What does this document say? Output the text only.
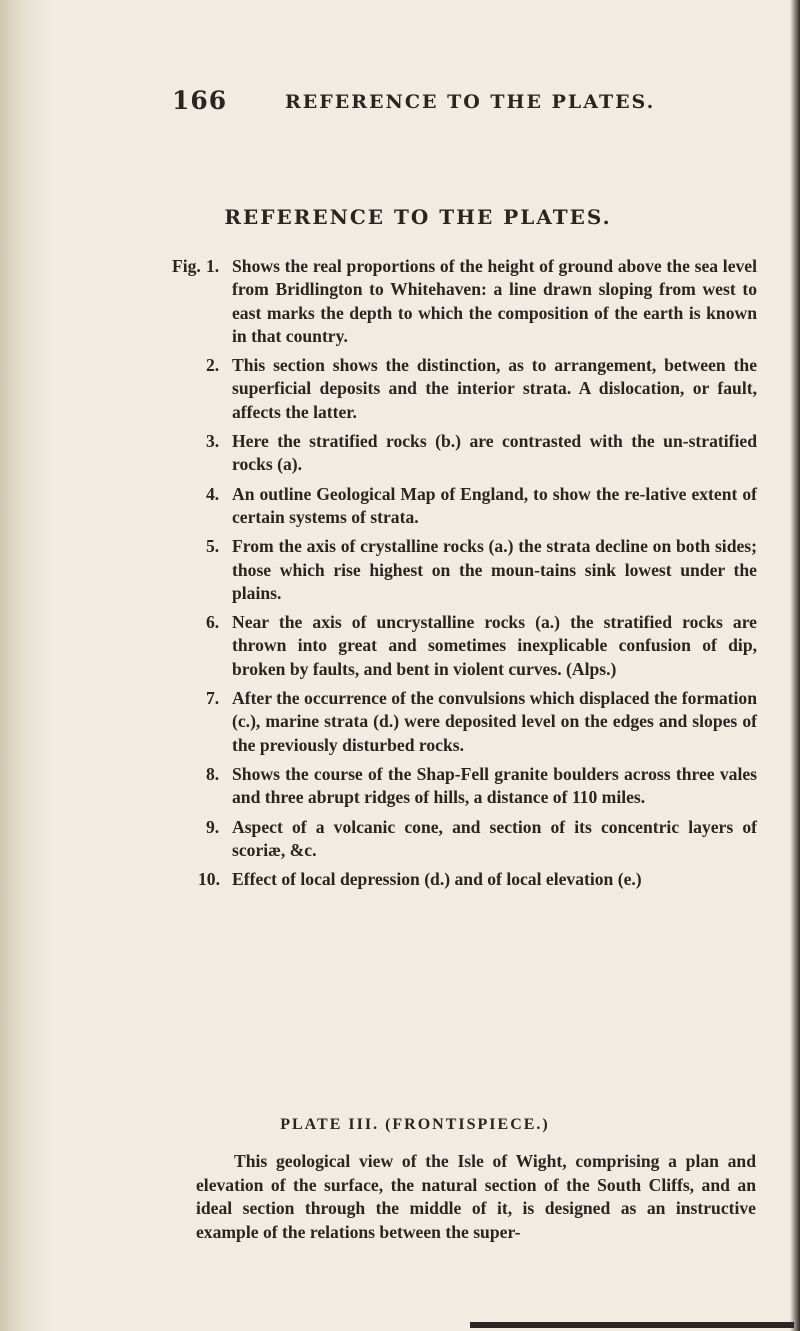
166	REFERENCE TO THE PLATES.
REFERENCE TO THE PLATES.
Fig. 1. Shows the real proportions of the height of ground above the sea level from Bridlington to Whitehaven: a line drawn sloping from west to east marks the depth to which the composition of the earth is known in that country.
2. This section shows the distinction, as to arrangement, between the superficial deposits and the interior strata. A dislocation, or fault, affects the latter.
3. Here the stratified rocks (b.) are contrasted with the un-stratified rocks (a).
4. An outline Geological Map of England, to show the re-lative extent of certain systems of strata.
5. From the axis of crystalline rocks (a.) the strata decline on both sides; those which rise highest on the moun-tains sink lowest under the plains.
6. Near the axis of uncrystalline rocks (a.) the stratified rocks are thrown into great and sometimes inexplicable confusion of dip, broken by faults, and bent in violent curves. (Alps.)
7. After the occurrence of the convulsions which displaced the formation (c.), marine strata (d.) were deposited level on the edges and slopes of the previously disturbed rocks.
8. Shows the course of the Shap-Fell granite boulders across three vales and three abrupt ridges of hills, a distance of 110 miles.
9. Aspect of a volcanic cone, and section of its concentric layers of scoriæ, &c.
10. Effect of local depression (d.) and of local elevation (e.)
PLATE III. (FRONTISPIECE.)
This geological view of the Isle of Wight, comprising a plan and elevation of the surface, the natural section of the South Cliffs, and an ideal section through the middle of it, is designed as an instructive example of the relations between the super-
